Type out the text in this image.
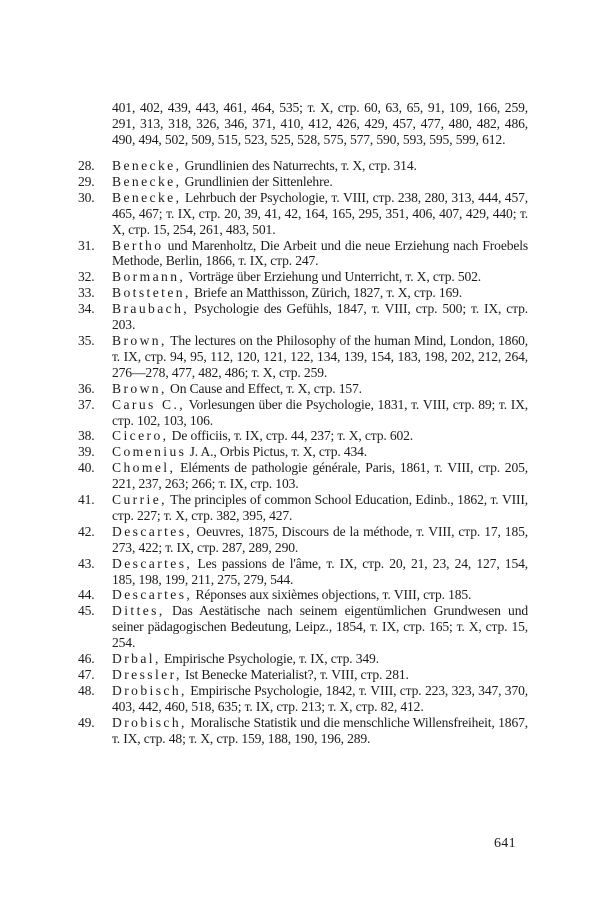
401, 402, 439, 443, 461, 464, 535; т. X, стр. 60, 63, 65, 91, 109, 166, 259, 291, 313, 318, 326, 346, 371, 410, 412, 426, 429, 457, 477, 480, 482, 486, 490, 494, 502, 509, 515, 523, 525, 528, 575, 577, 590, 593, 595, 599, 612.
28.	Benecke, Grundlinien des Naturrechts, т. X, стр. 314.
29.	Benecke, Grundlinien der Sittenlehre.
30.	Benecke, Lehrbuch der Psychologie, т. VIII, стр. 238, 280, 313, 444, 457, 465, 467; т. IX, стр. 20, 39, 41, 42, 164, 165, 295, 351, 406, 407, 429, 440; т. X, стр. 15, 254, 261, 483, 501.
31.	Bertho und Marenholtz, Die Arbeit und die neue Erziehung nach Froebels Methode, Berlin, 1866, т. IX, стр. 247.
32.	Bormann, Vorträge über Erziehung und Unterricht, т. X, стр. 502.
33.	Botsteten, Briefe an Matthisson, Zürich, 1827, т. X, стр. 169.
34.	Braubach, Psychologie des Gefühls, 1847, т. VIII, стр. 500; т. IX, стр. 203.
35.	Brown, The lectures on the Philosophy of the human Mind, London, 1860, т. IX, стр. 94, 95, 112, 120, 121, 122, 134, 139, 154, 183, 198, 202, 212, 264, 276—278, 477, 482, 486; т. X, стр. 259.
36.	Brown, On Cause and Effect, т. X, стр. 157.
37.	Carus C., Vorlesungen über die Psychologie, 1831, т. VIII, стр. 89; т. IX, стр. 102, 103, 106.
38.	Cicero, De officiis, т. IX, стр. 44, 237; т. X, стр. 602.
39.	Comenius J. A., Orbis Pictus, т. X, стр. 434.
40.	Chomel, Eléments de pathologie générale, Paris, 1861, т. VIII, стр. 205, 221, 237, 263; 266; т. IX, стр. 103.
41.	Currie, The principles of common School Education, Edinb., 1862, т. VIII, стр. 227; т. X, стр. 382, 395, 427.
42.	Descartes, Oeuvres, 1875, Discours de la méthode, т. VIII, стр. 17, 185, 273, 422; т. IX, стр. 287, 289, 290.
43.	Descartes, Les passions de l'âme, т. IX, стр. 20, 21, 23, 24, 127, 154, 185, 198, 199, 211, 275, 279, 544.
44.	Descartes, Réponses aux sixièmes objections, т. VIII, стр. 185.
45.	Dittes, Das Aestätische nach seinem eigentümlichen Grundwesen und seiner pädagogischen Bedeutung, Leipz., 1854, т. IX, стр. 165; т. X, стр. 15, 254.
46.	Drbal, Empirische Psychologie, т. IX, стр. 349.
47.	Dressler, Ist Benecke Materialist?, т. VIII, стр. 281.
48.	Drobisch, Empirische Psychologie, 1842, т. VIII, стр. 223, 323, 347, 370, 403, 442, 460, 518, 635; т. IX, стр. 213; т. X, стр. 82, 412.
49.	Drobisch, Moralische Statistik und die menschliche Willensfreiheit, 1867, т. IX, стр. 48; т. X, стр. 159, 188, 190, 196, 289.
641
